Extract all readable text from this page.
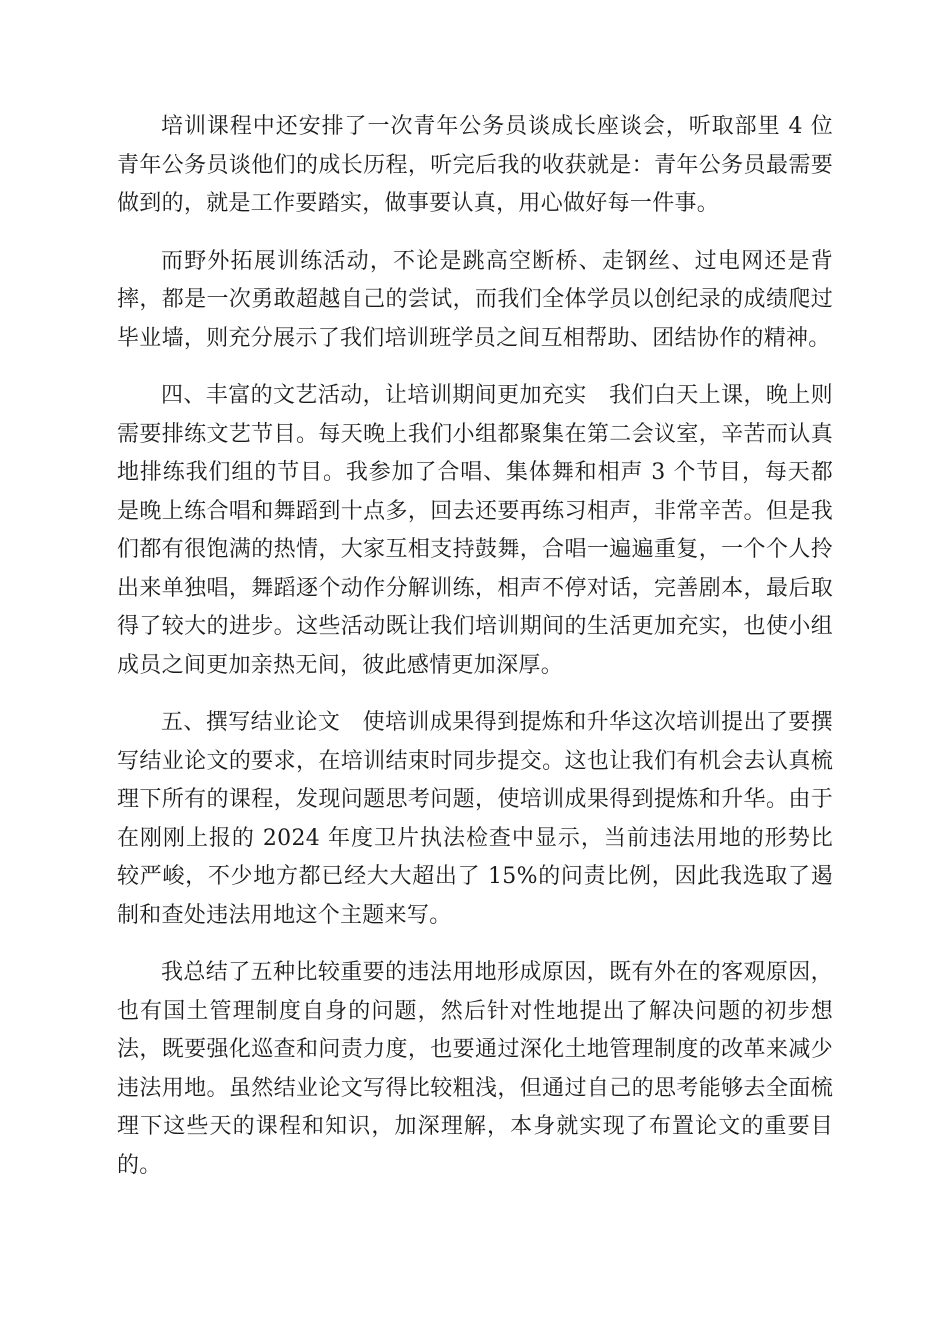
培训课程中还安排了一次青年公务员谈成长座谈会，听取部里 4 位青年公务员谈他们的成长历程，听完后我的收获就是：青年公务员最需要做到的，就是工作要踏实，做事要认真，用心做好每一件事。

而野外拓展训练活动，不论是跳高空断桥、走钢丝、过电网还是背摔，都是一次勇敢超越自己的尝试，而我们全体学员以创纪录的成绩爬过毕业墙，则充分展示了我们培训班学员之间互相帮助、团结协作的精神。

四、丰富的文艺活动，让培训期间更加充实　我们白天上课，晚上则需要排练文艺节目。每天晚上我们小组都聚集在第二会议室，辛苦而认真地排练我们组的节目。我参加了合唱、集体舞和相声 3 个节目，每天都是晚上练合唱和舞蹈到十点多，回去还要再练习相声，非常辛苦。但是我们都有很饱满的热情，大家互相支持鼓舞，合唱一遍遍重复，一个个人拎出来单独唱，舞蹈逐个动作分解训练，相声不停对话，完善剧本，最后取得了较大的进步。这些活动既让我们培训期间的生活更加充实，也使小组成员之间更加亲热无间，彼此感情更加深厚。

五、撰写结业论文　使培训成果得到提炼和升华这次培训提出了要撰写结业论文的要求，在培训结束时同步提交。这也让我们有机会去认真梳理下所有的课程，发现问题思考问题，使培训成果得到提炼和升华。由于在刚刚上报的 2024 年度卫片执法检查中显示，当前违法用地的形势比较严峻，不少地方都已经大大超出了 15%的问责比例，因此我选取了遏制和查处违法用地这个主题来写。

我总结了五种比较重要的违法用地形成原因，既有外在的客观原因，也有国土管理制度自身的问题，然后针对性地提出了解决问题的初步想法，既要强化巡查和问责力度，也要通过深化土地管理制度的改革来减少违法用地。虽然结业论文写得比较粗浅，但通过自己的思考能够去全面梳理下这些天的课程和知识，加深理解，本身就实现了布置论文的重要目的。
